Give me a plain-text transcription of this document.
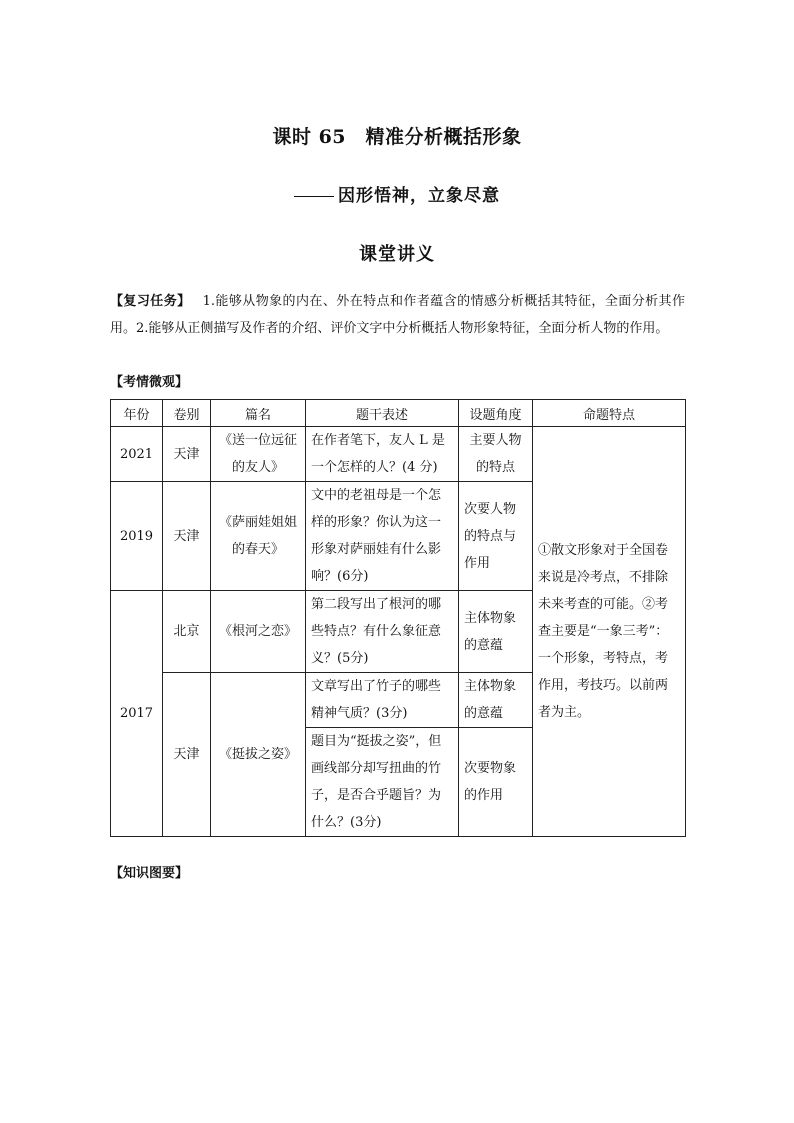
课时 65　精准分析概括形象
因形悟神，立象尽意
课堂讲义
【复习任务】 1.能够从物象的内在、外在特点和作者蕴含的情感分析概括其特征，全面分析其作用。2.能够从正侧描写及作者的介绍、评价文字中分析概括人物形象特征，全面分析人物的作用。
【考情微观】
年份	卷别	篇名	题干表述	设题角度	命题特点
2021	天津	《送一位远征的友人》	在作者笔下，友人 L 是一个怎样的人？(4 分)	主要人物的特点	①散文形象对于全国卷来说是冷考点，不排除未来考查的可能。②考查主要是“一象三考”：一个形象，考特点，考作用，考技巧。以前两者为主。
2019	天津	《萨丽娃姐姐的春天》	文中的老祖母是一个怎样的形象？你认为这一形象对萨丽娃有什么影响？(6分)	次要人物的特点与作用	
2017	北京	《根河之恋》	第二段写出了根河的哪些特点？有什么象征意义？(5分)	主体物象的意蕴	
	天津	《挺拔之姿》	文章写出了竹子的哪些精神气质？(3分)	主体物象的意蕴	
			题目为“挺拔之姿”，但画线部分却写扭曲的竹子，是否合乎题旨？为什么？(3分)	次要物象的作用	
【知识图要】
